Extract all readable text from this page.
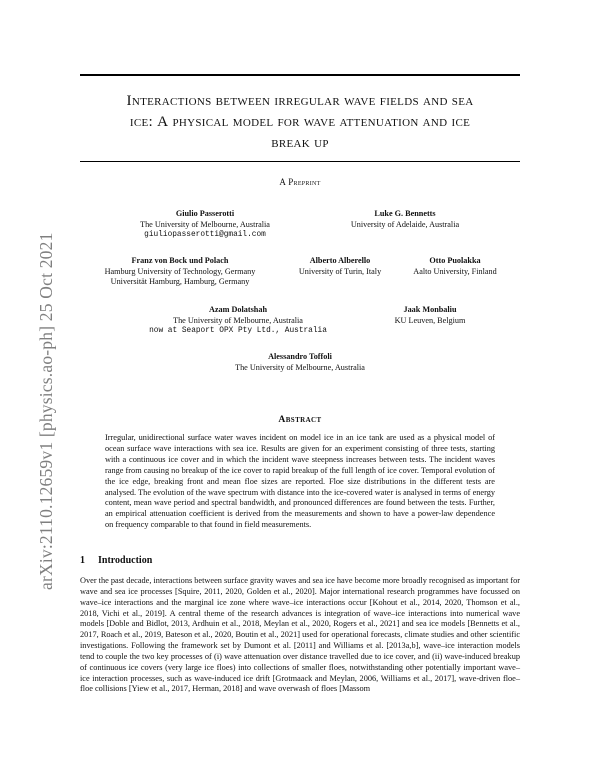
arXiv:2110.12659v1 [physics.ao-ph] 25 Oct 2021
Interactions between irregular wave fields and sea
ice: A physical model for wave attenuation and ice
break up
A Preprint
Giulio Passerotti
The University of Melbourne, Australia
giuliopasserotti@gmail.com
Luke G. Bennetts
University of Adelaide, Australia
Franz von Bock und Polach
Hamburg University of Technology, Germany
Universität Hamburg, Hamburg, Germany
Alberto Alberello
University of Turin, Italy
Otto Puolakka
Aalto University, Finland
Azam Dolatshah
The University of Melbourne, Australia
now at Seaport OPX Pty Ltd., Australia
Jaak Monbaliu
KU Leuven, Belgium
Alessandro Toffoli
The University of Melbourne, Australia
Abstract
Irregular, unidirectional surface water waves incident on model ice in an ice tank are used as a physical model of ocean surface wave interactions with sea ice. Results are given for an experiment consisting of three tests, starting with a continuous ice cover and in which the incident wave steepness increases between tests. The incident waves range from causing no breakup of the ice cover to rapid breakup of the full length of ice cover. Temporal evolution of the ice edge, breaking front and mean floe sizes are reported. Floe size distributions in the different tests are analysed. The evolution of the wave spectrum with distance into the ice-covered water is analysed in terms of energy content, mean wave period and spectral bandwidth, and pronounced differences are found between the tests. Further, an empirical attenuation coefficient is derived from the measurements and shown to have a power-law dependence on frequency comparable to that found in field measurements.
1 Introduction
Over the past decade, interactions between surface gravity waves and sea ice have become more broadly recognised as important for wave and sea ice processes [Squire, 2011, 2020, Golden et al., 2020]. Major international research programmes have focussed on wave–ice interactions and the marginal ice zone where wave–ice interactions occur [Kohout et al., 2014, 2020, Thomson et al., 2018, Vichi et al., 2019]. A central theme of the research advances is integration of wave–ice interactions into numerical wave models [Doble and Bidlot, 2013, Ardhuin et al., 2018, Meylan et al., 2020, Rogers et al., 2021] and sea ice models [Bennetts et al., 2017, Roach et al., 2019, Bateson et al., 2020, Boutin et al., 2021] used for operational forecasts, climate studies and other scientific investigations. Following the framework set by Dumont et al. [2011] and Williams et al. [2013a,b], wave–ice interaction models tend to couple the two key processes of (i) wave attenuation over distance travelled due to ice cover, and (ii) wave-induced breakup of continuous ice covers (very large ice floes) into collections of smaller floes, notwithstanding other potentially important wave–ice interaction processes, such as wave-induced ice drift [Grotmaack and Meylan, 2006, Williams et al., 2017], wave-driven floe–floe collisions [Yiew et al., 2017, Herman, 2018] and wave overwash of floes [Massom
